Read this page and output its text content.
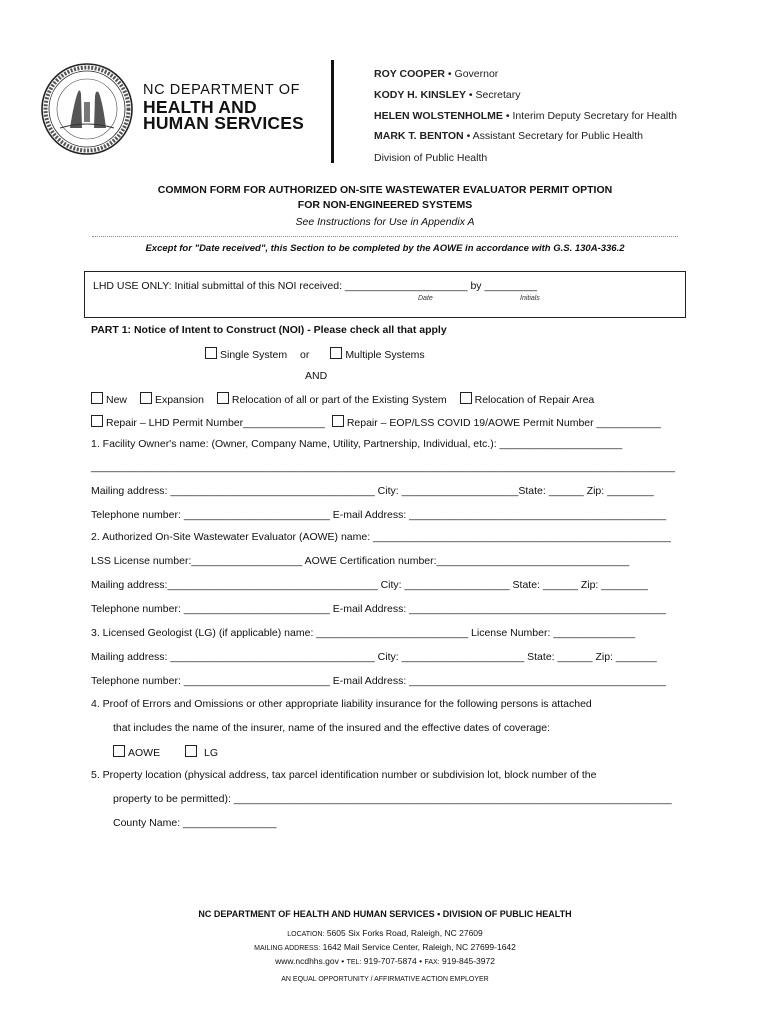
NC DEPARTMENT OF
HEALTH AND
HUMAN SERVICES
ROY COOPER • Governor
KODY H. KINSLEY • Secretary
HELEN WOLSTENHOLME • Interim Deputy Secretary for Health
MARK T. BENTON • Assistant Secretary for Public Health
Division of Public Health
COMMON FORM FOR AUTHORIZED ON-SITE WASTEWATER EVALUATOR PERMIT OPTION
FOR NON-ENGINEERED SYSTEMS
See Instructions for Use in Appendix A
Except for "Date received", this Section to be completed by the AOWE in accordance with G.S. 130A-336.2
LHD USE ONLY: Initial submittal of this NOI received: _____________________ by _________
Date	Initials
PART 1: Notice of Intent to Construct (NOI) - Please check all that apply
Single System or	Multiple Systems
AND
New	Expansion	Relocation of all or part of the Existing System	Relocation of Repair Area
Repair – LHD Permit Number______________ Repair – EOP/LSS COVID 19/AOWE Permit Number ___________
1. Facility Owner's name: (Owner, Company Name, Utility, Partnership, Individual, etc.): _____________________
____________________________________________________________________________________________________
Mailing address: ___________________________________ City: ____________________State: ______ Zip: ________
Telephone number: _________________________ E-mail Address: ____________________________________________
2. Authorized On-Site Wastewater Evaluator (AOWE) name: ___________________________________________________
LSS License number:___________________ AOWE Certification number:_________________________________
Mailing address:____________________________________ City: __________________ State: ______ Zip: ________
Telephone number: _________________________ E-mail Address: ____________________________________________
3. Licensed Geologist (LG) (if applicable) name: __________________________ License Number: ______________
Mailing address: ___________________________________ City: _____________________ State: ______ Zip: _______
Telephone number: _________________________ E-mail Address: ____________________________________________
4. Proof of Errors and Omissions or other appropriate liability insurance for the following persons is attached
that includes the name of the insurer, name of the insured and the effective dates of coverage:
AOWE	LG
5. Property location (physical address, tax parcel identification number or subdivision lot, block number of the
property to be permitted): ___________________________________________________________________________
County Name: ________________
NC DEPARTMENT OF HEALTH AND HUMAN SERVICES • DIVISION OF PUBLIC HEALTH
LOCATION: 5605 Six Forks Road, Raleigh, NC 27609
MAILING ADDRESS: 1642 Mail Service Center, Raleigh, NC 27699-1642
www.ncdhhs.gov • TEL: 919-707-5874 • FAX: 919-845-3972
AN EQUAL OPPORTUNITY / AFFIRMATIVE ACTION EMPLOYER
